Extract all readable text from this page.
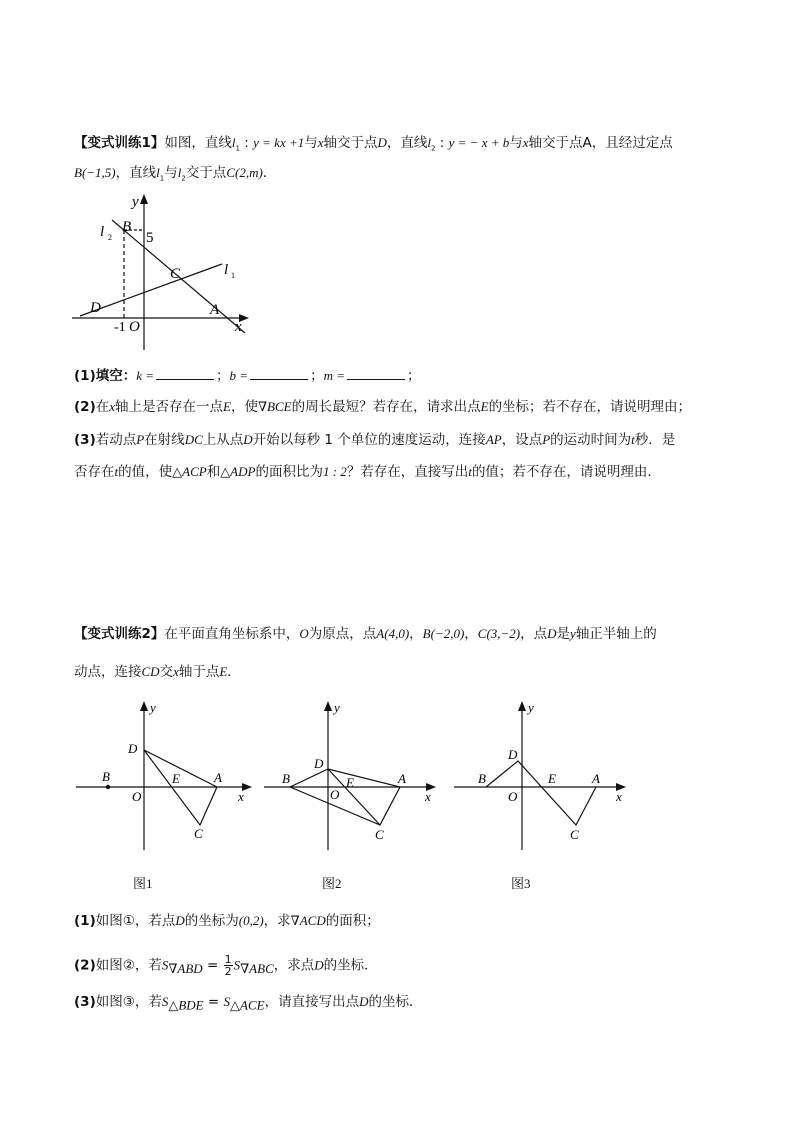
【变式训练1】如图，直线$l_1$ : y = kx +1与x轴交于点D，直线$l_2$ : y = − x + b与x轴交于点A，且经过定点
B(−1,5)，直线$l_1$与$l_2$交于点C(2,m)．
y
B
5
l 2
C	l 1
D	A
-1 O	x
(1)填空：k =	；b =	；m =	；
(2)在x轴上是否存在一点E，使∇BCE的周长最短？若存在，请求出点E的坐标；若不存在，请说明理由；
(3)若动点P在射线DC上从点D开始以每秒 1 个单位的速度运动，连接AP，设点P的运动时间为t秒．是
否存在t的值，使△ACP和△ADP的面积比为1 : 2？若存在，直接写出t的值；若不存在，请说明理由．
【变式训练2】在平面直角坐标系中，O为原点，点A(4,0)，B(−2,0)，C(3,−2)，点D是y轴正半轴上的
动点，连接CD交x轴于点E．
y
D
B	E	A
O	x
C
y
D
B	E	A
O	x
C
y
D
B	E	A
O	x
C
图1	图2	图3
(1)如图①，若点D的坐标为(0,2)，求∇ACD的面积；
(2)如图②，若$S_{\nabla ABD} = \frac{1}{2} S_{\nabla ABC}$，求点D的坐标．
(3)如图③，若$S_{\triangle BDE} = S_{\triangle ACE}$，请直接写出点D的坐标．
